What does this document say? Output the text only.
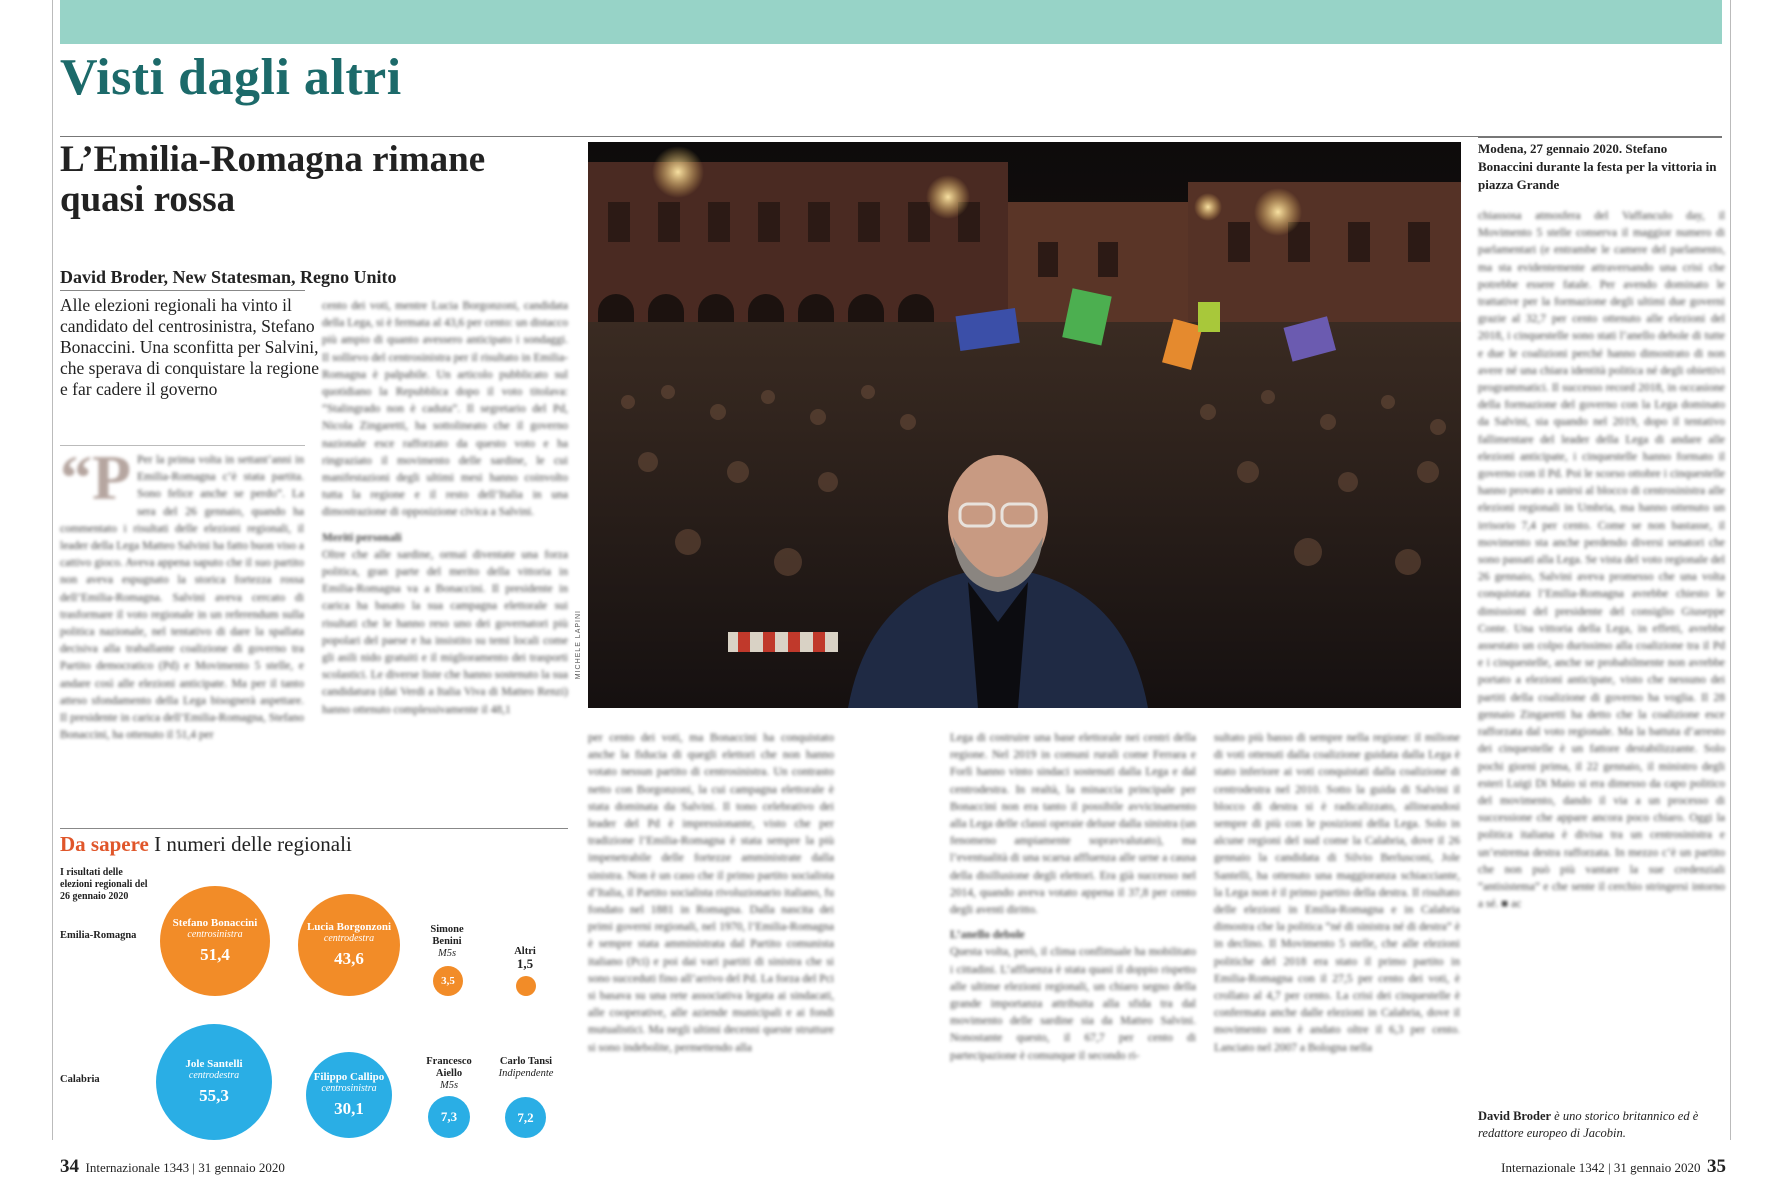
Visti dagli altri
L’Emilia-Romagna rimane quasi rossa
David Broder, New Statesman, Regno Unito
Alle elezioni regionali ha vinto il candidato del centrosinistra, Stefano Bonaccini. Una sconfitta per Salvini, che sperava di conquistare la regione e far cadere il governo
“P Per la prima volta in settant’anni in Emilia-Romagna c’è stata partita. Sono felice anche se perdo”. La sera del 26 gennaio, quando ha commentato i risultati delle elezioni regionali, il leader della Lega Matteo Salvini ha fatto buon viso a cattivo gioco. Aveva appena saputo che il suo partito non aveva espugnato la storica fortezza rossa dell’Emilia-Romagna. Salvini aveva cercato di trasformare il voto regionale in un referendum sulla politica nazionale, nel tentativo di dare la spallata decisiva alla traballante coalizione di governo tra Partito democratico (Pd) e Movimento 5 stelle, e andare così alle elezioni anticipate. Ma per il tanto atteso sfondamento della Lega bisognerà aspettare. Il presidente in carica dell’Emilia-Romagna, Stefano Bonaccini, ha ottenuto il 51,4 per

cento dei voti, mentre Lucia Borgonzoni, candidata della Lega, si è fermata al 43,6 per cento: un distacco più ampio di quanto avessero anticipato i sondaggi. Il sollievo del centrosinistra per il risultato in Emilia-Romagna è palpabile. Un articolo pubblicato sul quotidiano la Repubblica dopo il voto titolava: “Stalingrado non è caduta”. Il segretario del Pd, Nicola Zingaretti, ha sottolineato che il governo nazionale esce rafforzato da questo voto e ha ringraziato il movimento delle sardine, le cui manifestazioni degli ultimi mesi hanno coinvolto tutta la regione e il resto dell’Italia in una dimostrazione di opposizione civica a Salvini.

Meriti personali

Oltre che alle sardine, ormai diventate una forza politica, gran parte del merito della vittoria in Emilia-Romagna va a Bonaccini. Il presidente in carica ha basato la sua campagna elettorale sui risultati che le hanno reso uno dei governatori più popolari del paese e ha insistito su temi locali come gli asili nido gratuiti e il miglioramento dei trasporti scolastici. Le diverse liste che hanno sostenuto la sua candidatura (dai Verdi a Italia Viva di Matteo Renzi) hanno ottenuto complessivamente il 48,1

MICHELE LAPINI
Modena, 27 gennaio 2020. Stefano Bonaccini durante la festa per la vittoria in piazza Grande

chiassosa atmosfera del Vaffanculo day, il Movimento 5 stelle conserva il maggior numero di parlamentari (e entrambe le camere del parlamento, ma sta evidentemente attraversando una crisi che potrebbe essere fatale. Per avendo dominato le trattative per la formazione degli ultimi due governi grazie al 32,7 per cento ottenuto alle elezioni del 2018, i cinquestelle sono stati l’anello debole di tutte e due le coalizioni perché hanno dimostrato di non avere né una chiara identità politica né degli obiettivi programmatici. Il successo record 2018, in occasione della formazione del governo con la Lega dominato da Salvini, sia quando nel 2019, dopo il tentativo fallimentare del leader della Lega di andare alle elezioni anticipate, i cinquestelle hanno formato il governo con il Pd. Poi le scorso ottobre i cinquestelle hanno provato a unirsi al blocco di centrosinistra alle elezioni regionali in Umbria, ma hanno ottenuto un irrisorio 7,4 per cento. Come se non bastasse, il movimento sta anche perdendo diversi senatori che sono passati alla Lega. Se vista del voto regionale del 26 gennaio, Salvini aveva promesso che una volta conquistata l’Emilia-Romagna avrebbe chiesto le dimissioni del presidente del consiglio Giuseppe Conte. Una vittoria della Lega, in effetti, avrebbe assestato un colpo durissimo alla coalizione tra il Pd e i cinquestelle, anche se probabilmente non avrebbe portato a elezioni anticipate, visto che nessuno dei partiti della coalizione di governo ha voglia. Il 28 gennaio Zingaretti ha detto che la coalizione esce rafforzata dal voto regionale. Ma la battuta d’arresto dei cinquestelle è un fattore destabilizzante. Solo pochi giorni prima, il 22 gennaio, il ministro degli esteri Luigi Di Maio si era dimesso da capo politico del movimento, dando il via a un processo di successione che appare ancora poco chiaro. Oggi la politica italiana è divisa tra un centrosinistra e un’estrema destra rafforzata. In mezzo c’è un partito che non può più vantare la sue credenziali “antisistema” e che sente il cerchio stringersi intorno a sé. ■ ac

per cento dei voti, ma Bonaccini ha conquistato anche la fiducia di quegli elettori che non hanno votato nessun partito di centrosinistra. Un contrasto netto con Borgonzoni, la cui campagna elettorale è stata dominata da Salvini. Il tono celebrativo dei leader del Pd è impressionante, visto che per tradizione l’Emilia-Romagna è stata sempre la più impenetrabile delle fortezze amministrate dalla sinistra. Non è un caso che il primo partito socialista d’Italia, il Partito socialista rivoluzionario italiano, fu fondato nel 1881 in Romagna. Dalla nascita dei primi governi regionali, nel 1970, l’Emilia-Romagna è sempre stata amministrata dal Partito comunista italiano (Pci) e poi dai vari partiti di sinistra che si sono succeduti fino all’arrivo del Pd. La forza del Pci si basava su una rete associativa legata ai sindacati, alle cooperative, alle aziende municipali e ai fondi mutualistici. Ma negli ultimi decenni queste strutture si sono indebolite, permettendo alla

Lega di costruire una base elettorale nei centri della regione. Nel 2019 in comuni rurali come Ferrara e Forlì hanno vinto sindaci sostenuti dalla Lega e dal centrodestra. In realtà, la minaccia principale per Bonaccini non era tanto il possibile avvicinamento alla Lega delle classi operaie deluse dalla sinistra (un fenomeno ampiamente sopravvalutato), ma l’eventualità di una scarsa affluenza alle urne a causa della disillusione degli elettori. Era già successo nel 2014, quando aveva votato appena il 37,8 per cento degli aventi diritto.

L’anello debole

Questa volta, però, il clima conflittuale ha mobilitato i cittadini. L’affluenza è stata quasi il doppio rispetto alle ultime elezioni regionali, un chiaro segno della grande importanza attribuita alla sfida tra dal movimento delle sardine sia da Matteo Salvini. Nonostante questo, il 67,7 per cento di partecipazione è comunque il secondo ri-

sultato più basso di sempre nella regione: il milione di voti ottenuti dalla coalizione guidata dalla Lega è stato inferiore ai voti conquistati dalla coalizione di centrodestra nel 2010. Sotto la guida di Salvini il blocco di destra si è radicalizzato, allineandosi sempre di più con le posizioni della Lega. Solo in alcune regioni del sud come la Calabria, dove il 26 gennaio la candidata di Silvio Berlusconi, Jole Santelli, ha ottenuto una maggioranza schiacciante, la Lega non è il primo partito della destra. Il risultato delle elezioni in Emilia-Romagna e in Calabria dimostra che la politica “né di sinistra né di destra” è in declino. Il Movimento 5 stelle, che alle elezioni politiche del 2018 era stato il primo partito in Emilia-Romagna con il 27,5 per cento dei voti, è crollato al 4,7 per cento. La crisi dei cinquestelle è confermata anche dalle elezioni in Calabria, dove il movimento non è andato oltre il 6,3 per cento. Lanciato nel 2007 a Bologna nella

David Broder è uno storico britannico ed è redattore europeo di Jacobin.
Da sapere I numeri delle regionali
I risultati delle elezioni regionali del 26 gennaio 2020
Emilia-Romagna
Calabria
Stefano Bonaccini
centrosinistra
51,4
Lucia Borgonzoni
centrodestra
43,6
Simone Benini
M5s
3,5
Altri
1,5
Jole Santelli
centrodestra
55,3
Filippo Callipo
centrosinistra
30,1
Francesco Aiello
M5s
7,3
Carlo Tansi
Indipendente
7,2
34 Internazionale 1343 | 31 gennaio 2020	Internazionale 1342 | 31 gennaio 2020 35
